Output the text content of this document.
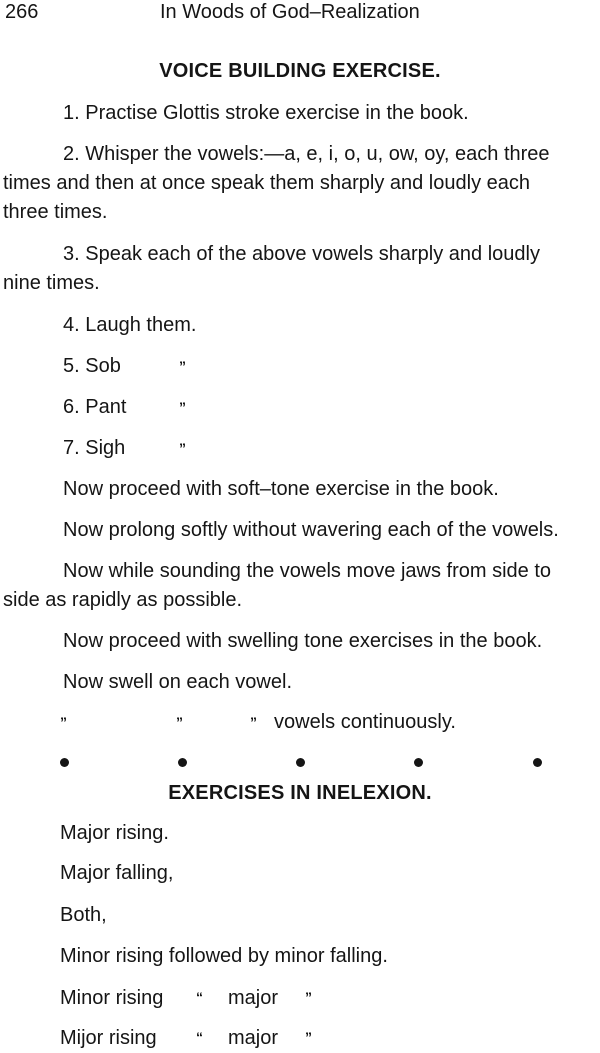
266	In Woods of God–Realization
VOICE BUILDING EXERCISE.
1. Practise Glottis stroke exercise in the book.
2. Whisper the vowels:—a, e, i, o, u, ow, oy, each three
times and then at once speak them sharply and loudly each
three times.
3. Speak each of the above vowels sharply and loudly
nine times.
4. Laugh them.
5. Sob	”
6. Pant	”
7. Sigh	”
Now proceed with soft–tone exercise in the book.
Now prolong softly without wavering each of the vowels.
Now while sounding the vowels move jaws from side to
side as rapidly as possible.
Now proceed with swelling tone exercises in the book.
Now swell on each vowel.
”	”	” vowels continuously.
EXERCISES IN INELEXION.
Major rising.
Major falling,
Both,
Minor rising followed by minor falling.
Minor rising “ major ”
Mijor rising	“ major ”
